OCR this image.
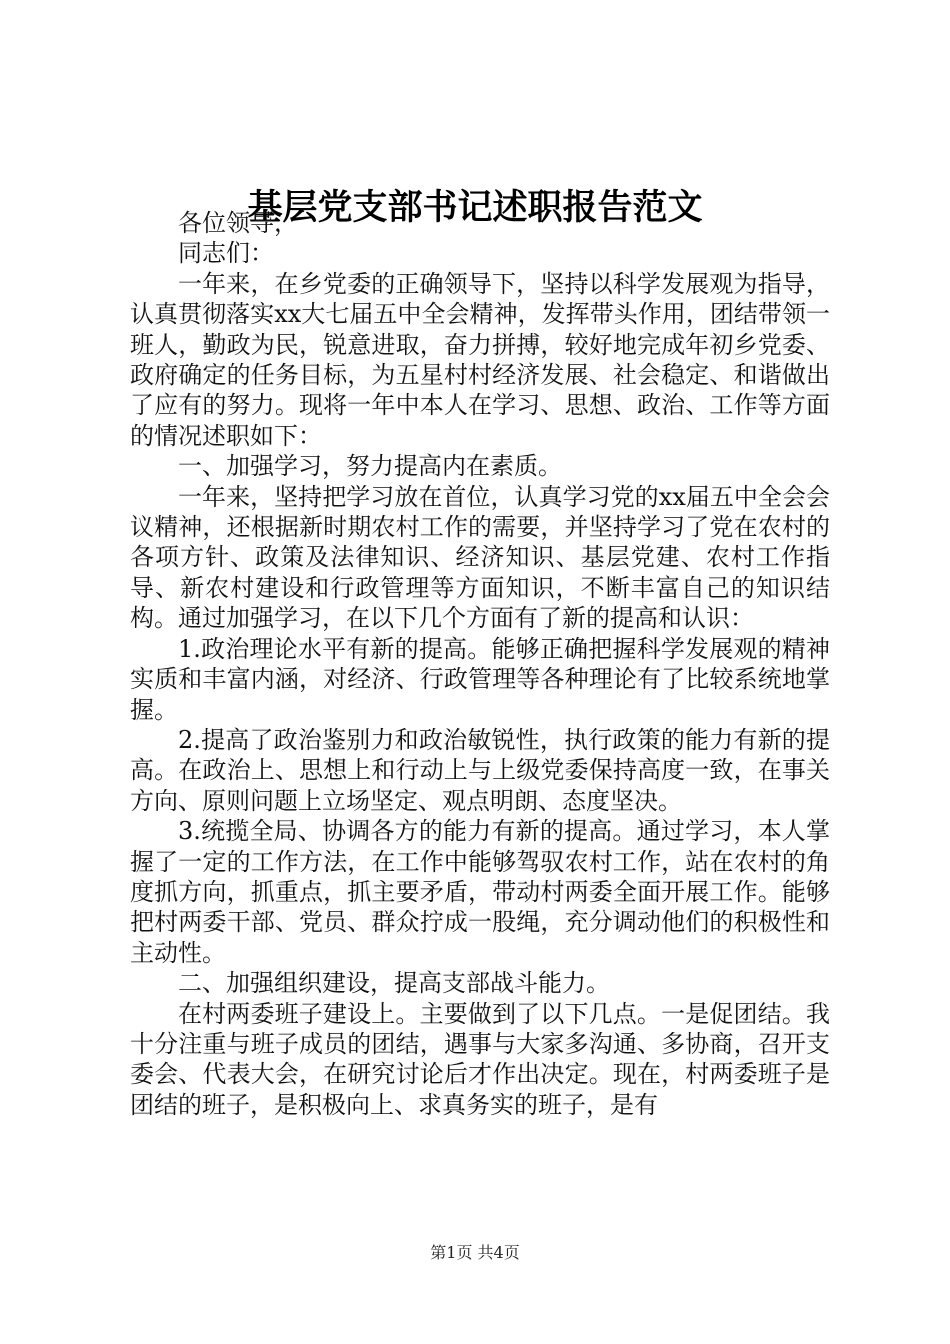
基层党支部书记述职报告范文

各位领导，

同志们：

一年来，在乡党委的正确领导下，坚持以科学发展观为指导，认真贯彻落实xx大七届五中全会精神，发挥带头作用，团结带领一班人，勤政为民，锐意进取，奋力拼搏，较好地完成年初乡党委、政府确定的任务目标，为五星村村经济发展、社会稳定、和谐做出了应有的努力。现将一年中本人在学习、思想、政治、工作等方面的情况述职如下：

一、加强学习，努力提高内在素质。

一年来，坚持把学习放在首位，认真学习党的xx届五中全会会议精神，还根据新时期农村工作的需要，并坚持学习了党在农村的各项方针、政策及法律知识、经济知识、基层党建、农村工作指导、新农村建设和行政管理等方面知识，不断丰富自己的知识结构。通过加强学习，在以下几个方面有了新的提高和认识：

1.政治理论水平有新的提高。能够正确把握科学发展观的精神实质和丰富内涵，对经济、行政管理等各种理论有了比较系统地掌握。

2.提高了政治鉴别力和政治敏锐性，执行政策的能力有新的提高。在政治上、思想上和行动上与上级党委保持高度一致，在事关方向、原则问题上立场坚定、观点明朗、态度坚决。

3.统揽全局、协调各方的能力有新的提高。通过学习，本人掌握了一定的工作方法，在工作中能够驾驭农村工作，站在农村的角度抓方向，抓重点，抓主要矛盾，带动村两委全面开展工作。能够把村两委干部、党员、群众拧成一股绳，充分调动他们的积极性和主动性。

二、加强组织建设，提高支部战斗能力。

在村两委班子建设上。主要做到了以下几点。一是促团结。我十分注重与班子成员的团结，遇事与大家多沟通、多协商，召开支委会、代表大会，在研究讨论后才作出决定。现在，村两委班子是团结的班子，是积极向上、求真务实的班子，是有

第1页 共4页
